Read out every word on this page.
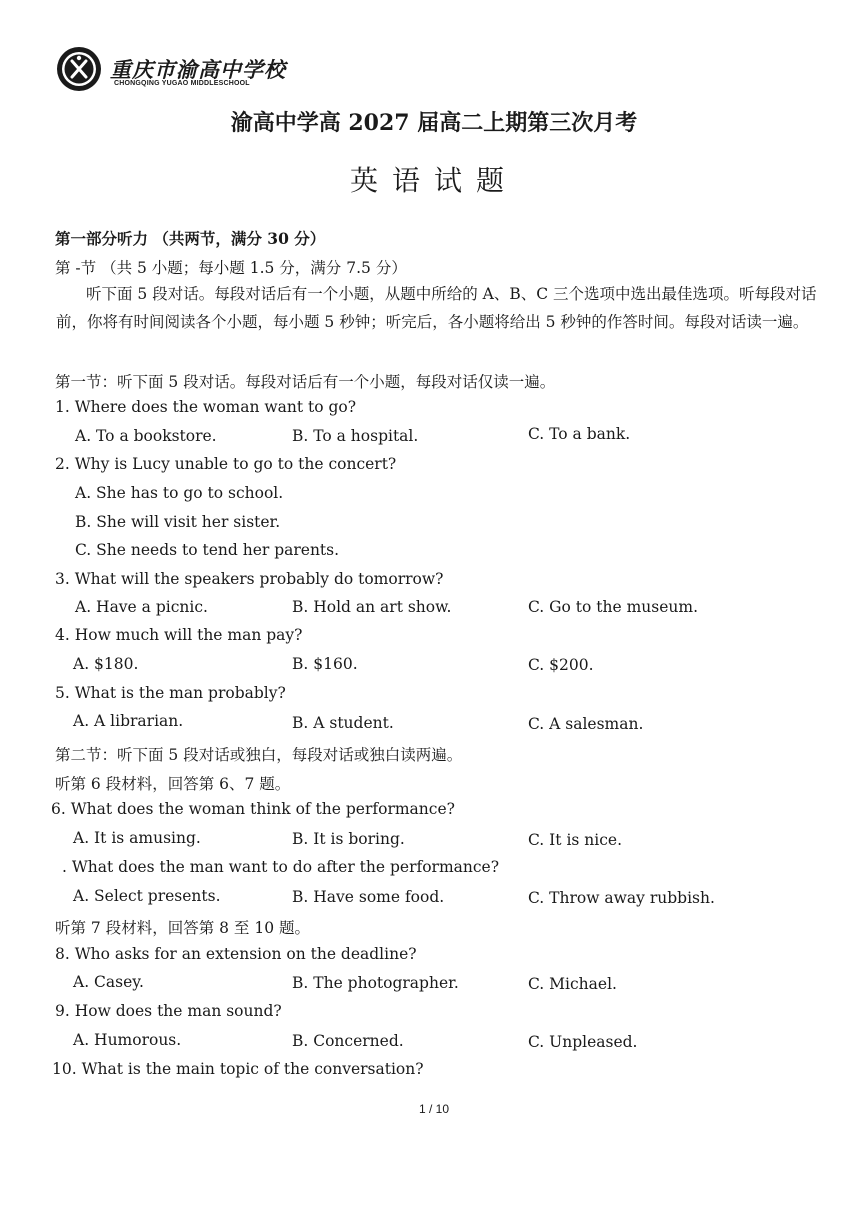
重庆市渝高中学校
CHONGQING YUGAO MIDDLESCHOOL
渝高中学高 2027 届高二上期第三次月考
英语试题
第一部分听力 （共两节，满分 30 分）
第 -节 （共 5 小题；每小题 1.5 分，满分 7.5 分）
听下面 5 段对话。每段对话后有一个小题，从题中所给的 A、B、C 三个选项中选出最佳选项。听每段对话前，你将有时间阅读各个小题，每小题 5 秒钟；听完后，各小题将给出 5 秒钟的作答时间。每段对话读一遍。
第一节：听下面 5 段对话。每段对话后有一个小题，每段对话仅读一遍。
1. Where does the woman want to go?
A. To a bookstore.	B. To a hospital.	C. To a bank.
2. Why is Lucy unable to go to the concert?
A. She has to go to school.
B. She will visit her sister.
C. She needs to tend her parents.
3. What will the speakers probably do tomorrow?
A. Have a picnic.	B. Hold an art show.	C. Go to the museum.
4. How much will the man pay?
A. $180.	B. $160.	C. $200.
5. What is the man probably?
A. A librarian.	B. A student.	C. A salesman.
第二节：听下面 5 段对话或独白，每段对话或独白读两遍。
听第 6 段材料，回答第 6、7 题。
6. What does the woman think of the performance?
A. It is amusing.	B. It is boring.	C. It is nice.
. What does the man want to do after the performance?
A. Select presents.	B. Have some food.	C. Throw away rubbish.
听第 7 段材料，回答第 8 至 10 题。
8. Who asks for an extension on the deadline?
A. Casey.	B. The photographer.	C. Michael.
9. How does the man sound?
A. Humorous.	B. Concerned.	C. Unpleased.
10. What is the main topic of the conversation?
1 / 10
